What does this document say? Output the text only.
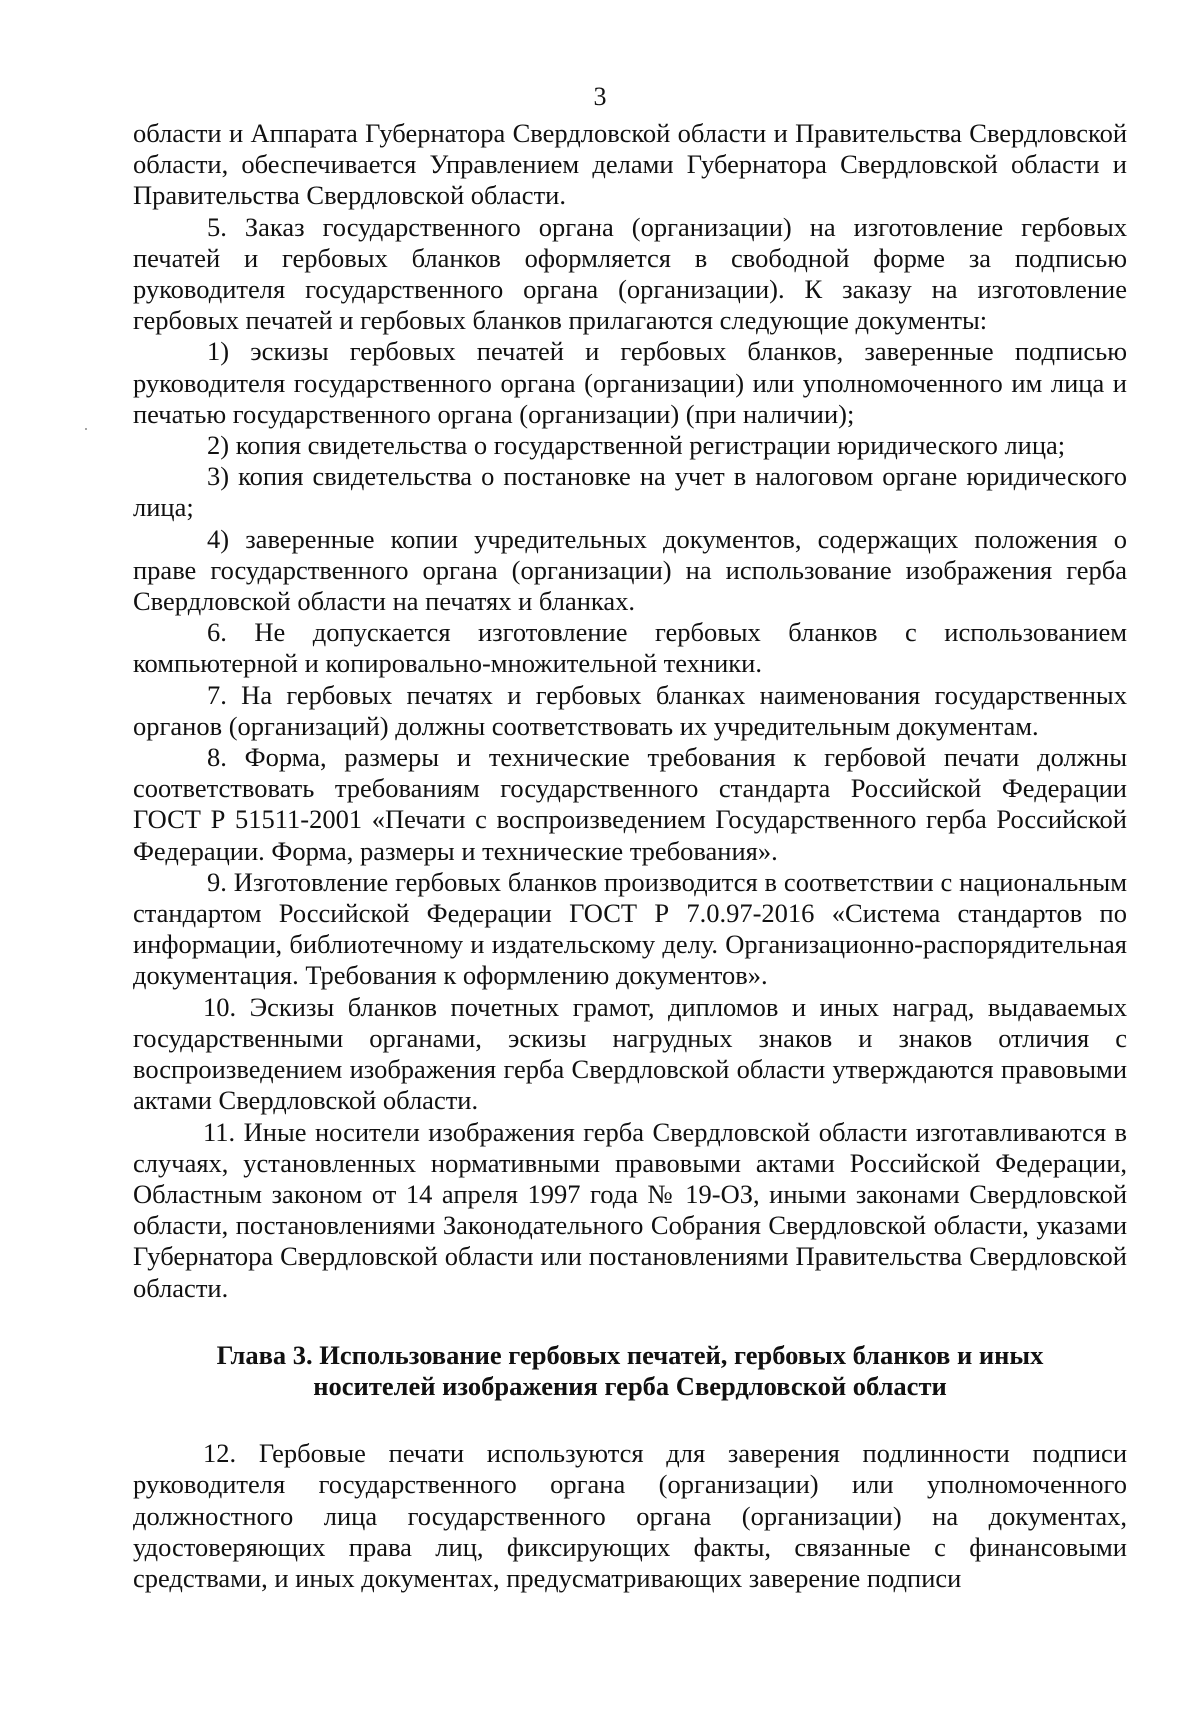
3

области и Аппарата Губернатора Свердловской области и Правительства Свердловской области, обеспечивается Управлением делами Губернатора Свердловской области и Правительства Свердловской области.

5. Заказ государственного органа (организации) на изготовление гербовых печатей и гербовых бланков оформляется в свободной форме за подписью руководителя государственного органа (организации). К заказу на изготовление гербовых печатей и гербовых бланков прилагаются следующие документы:

1) эскизы гербовых печатей и гербовых бланков, заверенные подписью руководителя государственного органа (организации) или уполномоченного им лица и печатью государственного органа (организации) (при наличии);

2) копия свидетельства о государственной регистрации юридического лица;

3) копия свидетельства о постановке на учет в налоговом органе юридического лица;

4) заверенные копии учредительных документов, содержащих положения о праве государственного органа (организации) на использование изображения герба Свердловской области на печатях и бланках.

6. Не допускается изготовление гербовых бланков с использованием компьютерной и копировально-множительной техники.

7. На гербовых печатях и гербовых бланках наименования государственных органов (организаций) должны соответствовать их учредительным документам.

8. Форма, размеры и технические требования к гербовой печати должны соответствовать требованиям государственного стандарта Российской Федерации ГОСТ Р 51511-2001 «Печати с воспроизведением Государственного герба Российской Федерации. Форма, размеры и технические требования».

9. Изготовление гербовых бланков производится в соответствии с национальным стандартом Российской Федерации ГОСТ Р 7.0.97-2016 «Система стандартов по информации, библиотечному и издательскому делу. Организационно-распорядительная документация. Требования к оформлению документов».

10. Эскизы бланков почетных грамот, дипломов и иных наград, выдаваемых государственными органами, эскизы нагрудных знаков и знаков отличия с воспроизведением изображения герба Свердловской области утверждаются правовыми актами Свердловской области.

11. Иные носители изображения герба Свердловской области изготавливаются в случаях, установленных нормативными правовыми актами Российской Федерации, Областным законом от 14 апреля 1997 года № 19-ОЗ, иными законами Свердловской области, постановлениями Законодательного Собрания Свердловской области, указами Губернатора Свердловской области или постановлениями Правительства Свердловской области.

Глава 3. Использование гербовых печатей, гербовых бланков и иных
носителей изображения герба Свердловской области

12. Гербовые печати используются для заверения подлинности подписи руководителя государственного органа (организации) или уполномоченного должностного лица государственного органа (организации) на документах, удостоверяющих права лиц, фиксирующих факты, связанные с финансовыми средствами, и иных документах, предусматривающих заверение подписи
